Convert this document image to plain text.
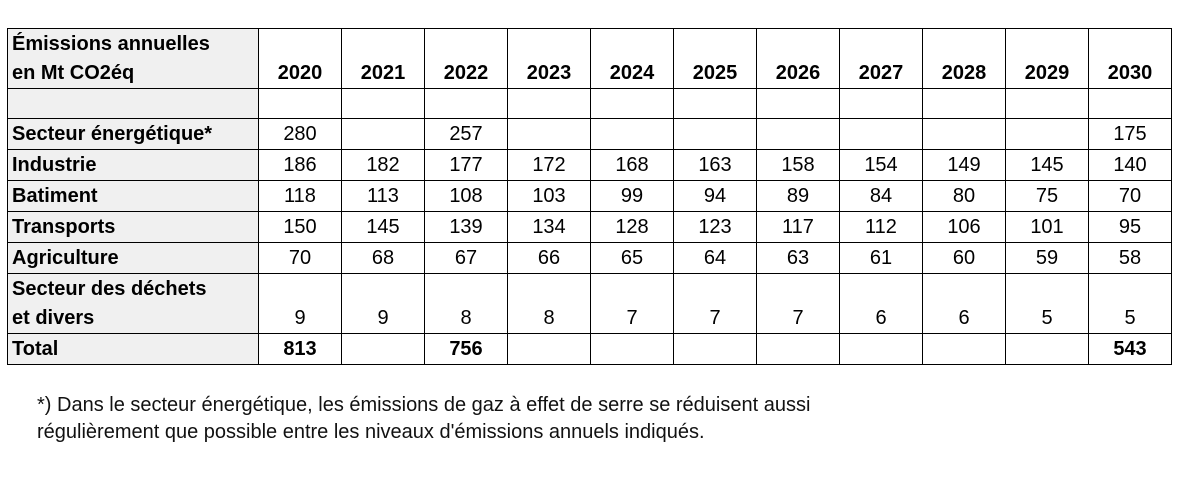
Émissions annuelles
en Mt CO2éq	2020	2021	2022	2023	2024	2025	2026	2027	2028	2029	2030

Secteur énergétique*	280		257								175
Industrie	186	182	177	172	168	163	158	154	149	145	140
Batiment	118	113	108	103	99	94	89	84	80	75	70
Transports	150	145	139	134	128	123	117	112	106	101	95
Agriculture	70	68	67	66	65	64	63	61	60	59	58
Secteur des déchets
et divers	9	9	8	8	7	7	7	6	6	5	5
Total	813		756								543
*) Dans le secteur énergétique, les émissions de gaz à effet de serre se réduisent aussi
régulièrement que possible entre les niveaux d'émissions annuels indiqués.
